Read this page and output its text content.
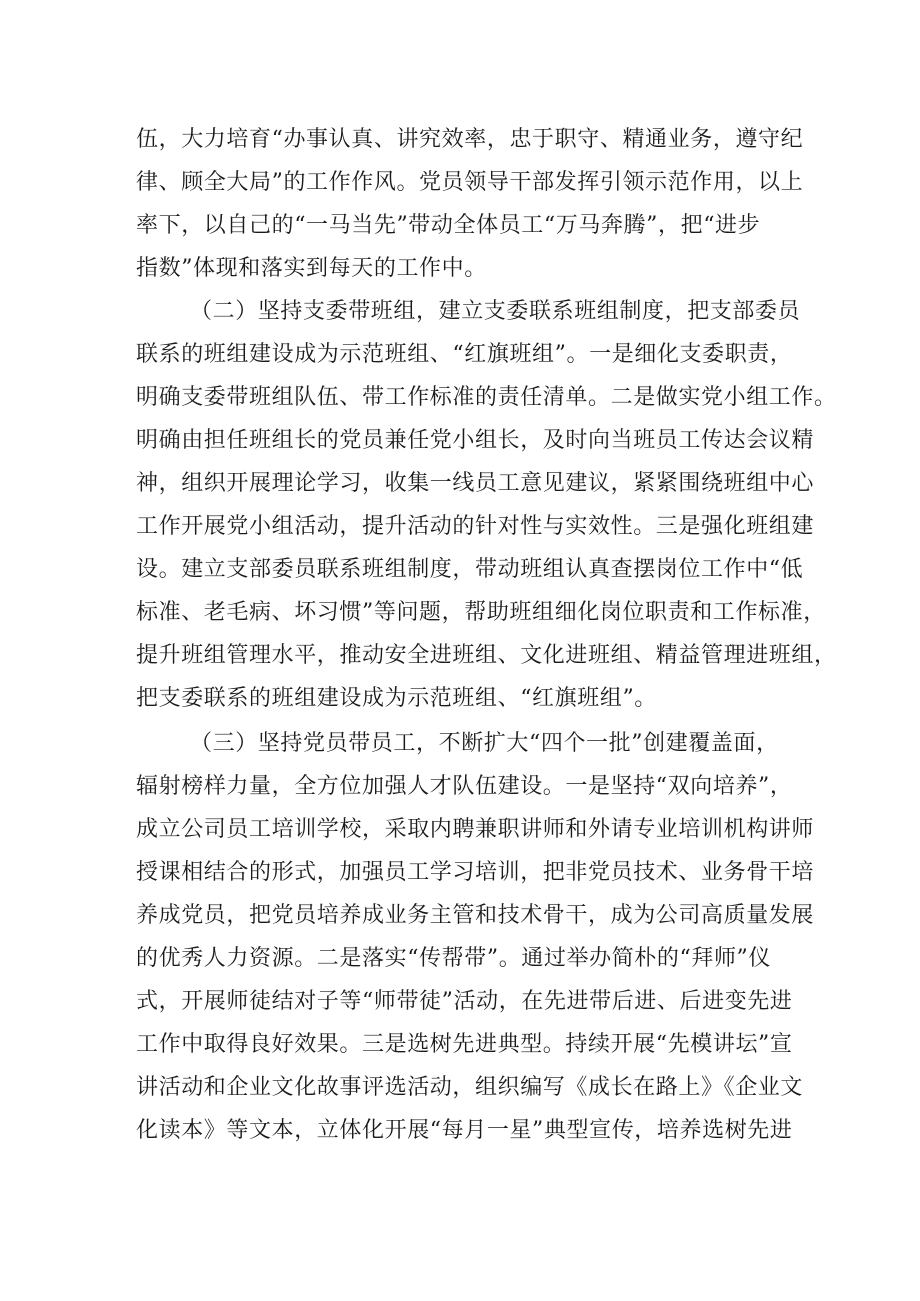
伍，大力培育“办事认真、讲究效率，忠于职守、精通业务，遵守纪
律、顾全大局”的工作作风。党员领导干部发挥引领示范作用，以上
率下，以自己的“一马当先”带动全体员工“万马奔腾”，把“进步
指数”体现和落实到每天的工作中。
（二）坚持支委带班组，建立支委联系班组制度，把支部委员
联系的班组建设成为示范班组、“红旗班组”。一是细化支委职责，
明确支委带班组队伍、带工作标准的责任清单。二是做实党小组工作。
明确由担任班组长的党员兼任党小组长，及时向当班员工传达会议精
神，组织开展理论学习，收集一线员工意见建议，紧紧围绕班组中心
工作开展党小组活动，提升活动的针对性与实效性。三是强化班组建
设。建立支部委员联系班组制度，带动班组认真查摆岗位工作中“低
标准、老毛病、坏习惯”等问题，帮助班组细化岗位职责和工作标准，
提升班组管理水平，推动安全进班组、文化进班组、精益管理进班组，
把支委联系的班组建设成为示范班组、“红旗班组”。
（三）坚持党员带员工，不断扩大“四个一批”创建覆盖面，
辐射榜样力量，全方位加强人才队伍建设。一是坚持“双向培养”，
成立公司员工培训学校，采取内聘兼职讲师和外请专业培训机构讲师
授课相结合的形式，加强员工学习培训，把非党员技术、业务骨干培
养成党员，把党员培养成业务主管和技术骨干，成为公司高质量发展
的优秀人力资源。二是落实“传帮带”。通过举办简朴的“拜师”仪
式，开展师徒结对子等“师带徒”活动，在先进带后进、后进变先进
工作中取得良好效果。三是选树先进典型。持续开展“先模讲坛”宣
讲活动和企业文化故事评选活动，组织编写《成长在路上》《企业文
化读本》等文本，立体化开展“每月一星”典型宣传，培养选树先进
